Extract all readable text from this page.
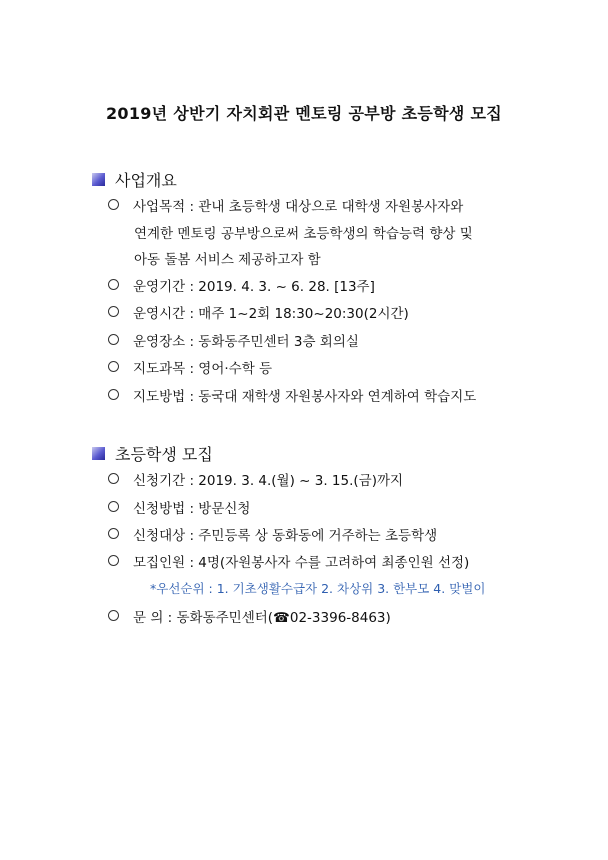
2019년 상반기 자치회관 멘토링 공부방 초등학생 모집
사업개요
사업목적 : 관내 초등학생 대상으로 대학생 자원봉사자와
연계한 멘토링 공부방으로써 초등학생의 학습능력 향상 및
아동 돌봄 서비스 제공하고자 함
운영기간 : 2019. 4. 3. ~ 6. 28. [13주]
운영시간 : 매주 1~2회 18:30~20:30(2시간)
운영장소 : 동화동주민센터 3층 회의실
지도과목 : 영어·수학 등
지도방법 : 동국대 재학생 자원봉사자와 연계하여 학습지도
초등학생 모집
신청기간 : 2019. 3. 4.(월) ~ 3. 15.(금)까지
신청방법 : 방문신청
신청대상 : 주민등록 상 동화동에 거주하는 초등학생
모집인원 : 4명(자원봉사자 수를 고려하여 최종인원 선정)
*우선순위 : 1. 기초생활수급자 2. 차상위 3. 한부모 4. 맞벌이
문 의 : 동화동주민센터(☎02-3396-8463)
